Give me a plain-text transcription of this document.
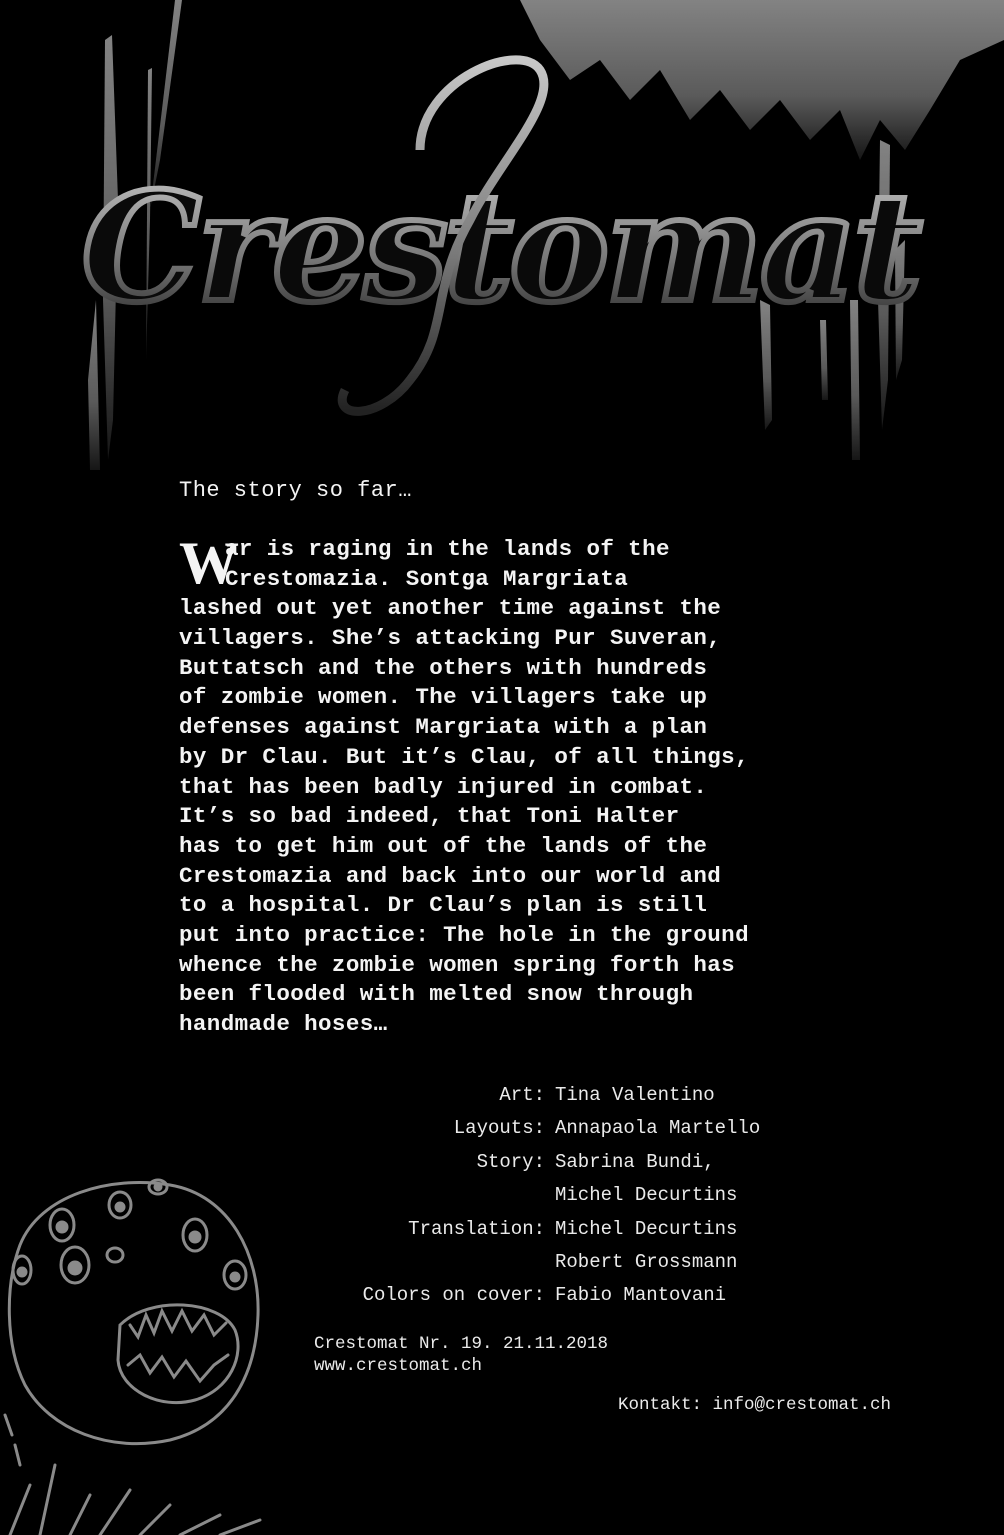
Crestomat
The story so far…
W
ar is raging in the lands of the
Crestomazia. Sontga Margriata
lashed out yet another time against the
villagers. She’s attacking Pur Suveran,
Buttatsch and the others with hundreds
of zombie women. The villagers take up
defenses against Margriata with a plan
by Dr Clau. But it’s Clau, of all things,
that has been badly injured in combat.
It’s so bad indeed, that Toni Halter
has to get him out of the lands of the
Crestomazia and back into our world and
to a hospital. Dr Clau’s plan is still
put into practice: The hole in the ground
whence the zombie women spring forth has
been flooded with melted snow through
handmade hoses…
Art: Tina Valentino
Layouts: Annapaola Martello
Story: Sabrina Bundi,
Michel Decurtins
Translation: Michel Decurtins
Robert Grossmann
Colors on cover: Fabio Mantovani
Crestomat Nr. 19. 21.11.2018
www.crestomat.ch
Kontakt: info@crestomat.ch
